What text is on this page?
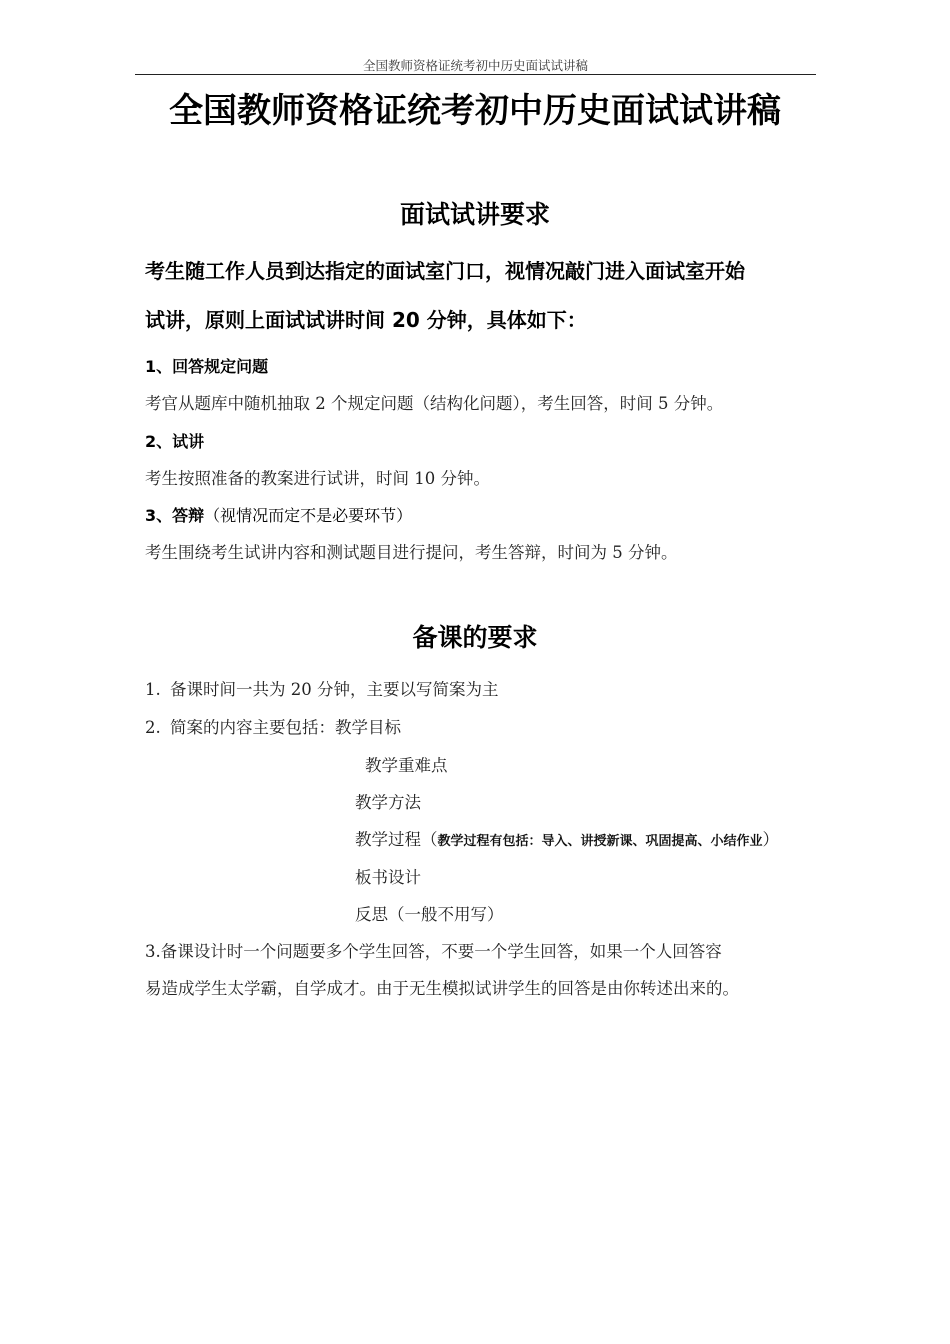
全国教师资格证统考初中历史面试试讲稿
全国教师资格证统考初中历史面试试讲稿
面试试讲要求
考生随工作人员到达指定的面试室门口，视情况敲门进入面试室开始
试讲，原则上面试试讲时间 20 分钟，具体如下：
1、回答规定问题
考官从题库中随机抽取 2 个规定问题（结构化问题），考生回答，时间 5 分钟。
2、试讲
考生按照准备的教案进行试讲，时间 10 分钟。
3、答辩（视情况而定不是必要环节）
考生围绕考生试讲内容和测试题目进行提问，考生答辩，时间为 5 分钟。
备课的要求
1. 备课时间一共为 20 分钟，主要以写简案为主
2. 简案的内容主要包括：教学目标
教学重难点
教学方法
教学过程（教学过程有包括：导入、讲授新课、巩固提高、小结作业）
板书设计
反思（一般不用写）
3.备课设计时一个问题要多个学生回答，不要一个学生回答，如果一个人回答容
易造成学生太学霸，自学成才。由于无生模拟试讲学生的回答是由你转述出来的。
